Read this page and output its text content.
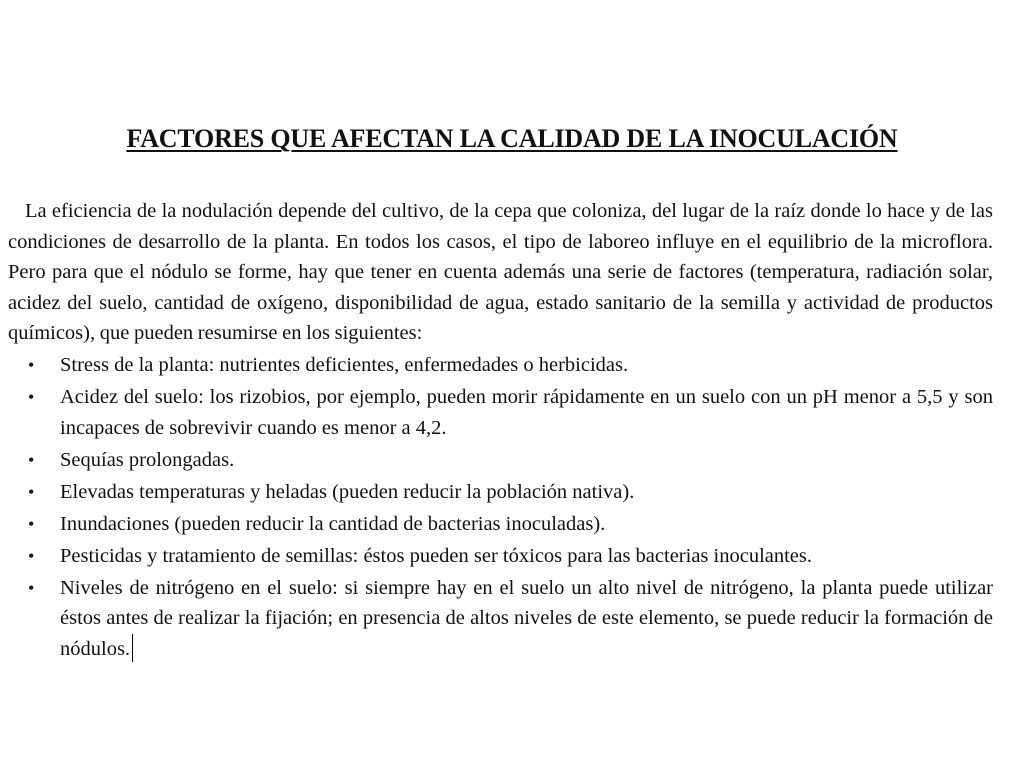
FACTORES QUE AFECTAN LA CALIDAD DE LA INOCULACIÓN

La eficiencia de la nodulación depende del cultivo, de la cepa que coloniza, del lugar de la raíz donde lo hace y de las condiciones de desarrollo de la planta. En todos los casos, el tipo de laboreo influye en el equilibrio de la microflora. Pero para que el nódulo se forme, hay que tener en cuenta además una serie de factores (temperatura, radiación solar, acidez del suelo, cantidad de oxígeno, disponibilidad de agua, estado sanitario de la semilla y actividad de productos químicos), que pueden resumirse en los siguientes:

• Stress de la planta: nutrientes deficientes, enfermedades o herbicidas.
• Acidez del suelo: los rizobios, por ejemplo, pueden morir rápidamente en un suelo con un pH menor a 5,5 y son incapaces de sobrevivir cuando es menor a 4,2.
• Sequías prolongadas.
• Elevadas temperaturas y heladas (pueden reducir la población nativa).
• Inundaciones (pueden reducir la cantidad de bacterias inoculadas).
• Pesticidas y tratamiento de semillas: éstos pueden ser tóxicos para las bacterias inoculantes.
• Niveles de nitrógeno en el suelo: si siempre hay en el suelo un alto nivel de nitrógeno, la planta puede utilizar éstos antes de realizar la fijación; en presencia de altos niveles de este elemento, se puede reducir la formación de nódulos.
